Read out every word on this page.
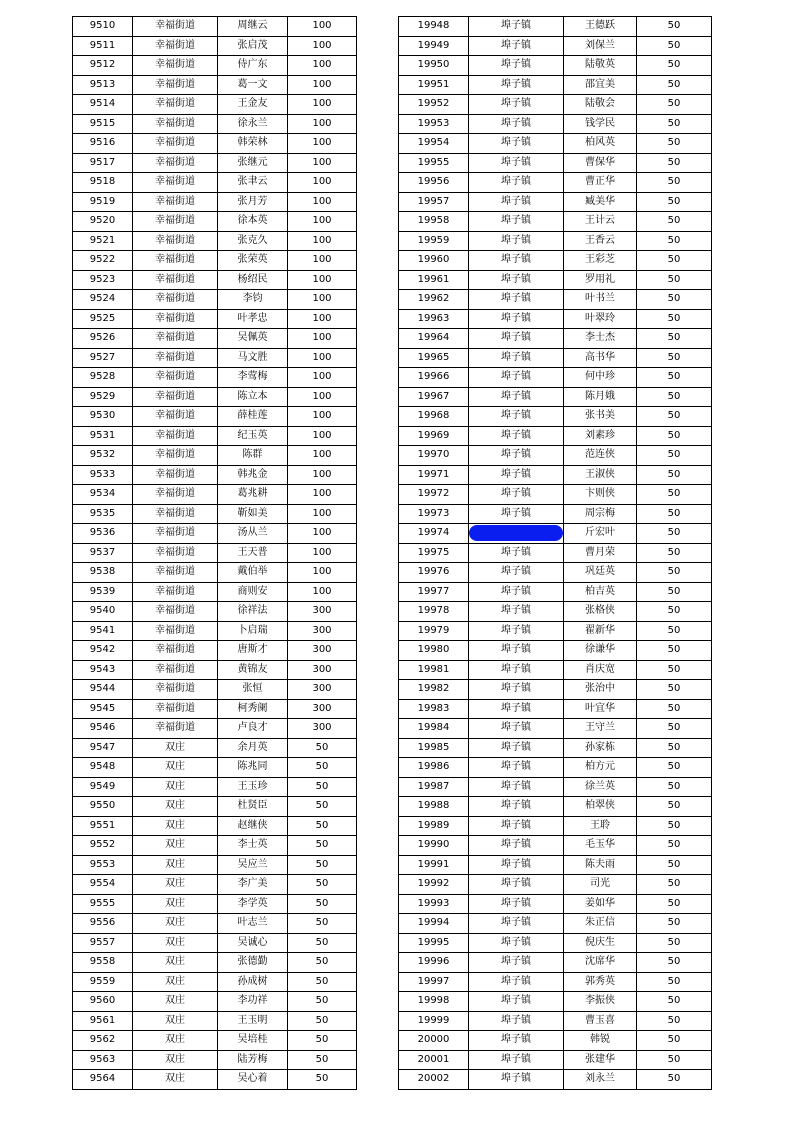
9510	幸福街道	周继云	100
9511	幸福街道	张启茂	100
9512	幸福街道	侍广东	100
9513	幸福街道	葛一文	100
9514	幸福街道	王金友	100
9515	幸福街道	徐永兰	100
9516	幸福街道	韩荣林	100
9517	幸福街道	张继元	100
9518	幸福街道	张聿云	100
9519	幸福街道	张月芳	100
9520	幸福街道	徐本英	100
9521	幸福街道	张克久	100
9522	幸福街道	张荣英	100
9523	幸福街道	杨绍民	100
9524	幸福街道	李钧	100
9525	幸福街道	叶孝忠	100
9526	幸福街道	吴佩英	100
9527	幸福街道	马文胜	100
9528	幸福街道	李莺梅	100
9529	幸福街道	陈立本	100
9530	幸福街道	薛桂莲	100
9531	幸福街道	纪玉英	100
9532	幸福街道	陈群	100
9533	幸福街道	韩兆金	100
9534	幸福街道	葛兆耕	100
9535	幸福街道	靳如美	100
9536	幸福街道	汤从兰	100
9537	幸福街道	王天普	100
9538	幸福街道	戴伯举	100
9539	幸福街道	商则安	100
9540	幸福街道	徐祥法	300
9541	幸福街道	卜启瑞	300
9542	幸福街道	唐斯才	300
9543	幸福街道	黄锦友	300
9544	幸福街道	张恒	300
9545	幸福街道	柯秀阑	300
9546	幸福街道	卢良才	300
9547	双庄	余月英	50
9548	双庄	陈兆同	50
9549	双庄	王玉珍	50
9550	双庄	杜贤臣	50
9551	双庄	赵继侠	50
9552	双庄	李士英	50
9553	双庄	吴应兰	50
9554	双庄	李广美	50
9555	双庄	李学英	50
9556	双庄	叶志兰	50
9557	双庄	吴诚心	50
9558	双庄	张德勤	50
9559	双庄	孙成树	50
9560	双庄	李功祥	50
9561	双庄	王玉明	50
9562	双庄	吴培桂	50
9563	双庄	陆芳梅	50
9564	双庄	吴心着	50
19948	埠子镇	王德跃	50
19949	埠子镇	刘保兰	50
19950	埠子镇	陆敬英	50
19951	埠子镇	邵宜美	50
19952	埠子镇	陆敬会	50
19953	埠子镇	钱学民	50
19954	埠子镇	柏风英	50
19955	埠子镇	曹保华	50
19956	埠子镇	曹正华	50
19957	埠子镇	臧美华	50
19958	埠子镇	王计云	50
19959	埠子镇	王香云	50
19960	埠子镇	王彩芝	50
19961	埠子镇	罗用礼	50
19962	埠子镇	叶书兰	50
19963	埠子镇	叶翠玲	50
19964	埠子镇	李士杰	50
19965	埠子镇	高书华	50
19966	埠子镇	何中珍	50
19967	埠子镇	陈月娥	50
19968	埠子镇	张书美	50
19969	埠子镇	刘素珍	50
19970	埠子镇	范连侠	50
19971	埠子镇	王淑侠	50
19972	埠子镇	卞则侠	50
19973	埠子镇	周宗梅	50
19974	埠子镇	斤宏叶	50
19975	埠子镇	曹月荣	50
19976	埠子镇	巩廷英	50
19977	埠子镇	柏吉英	50
19978	埠子镇	张格侠	50
19979	埠子镇	翟新华	50
19980	埠子镇	徐谦华	50
19981	埠子镇	肖庆宽	50
19982	埠子镇	张治中	50
19983	埠子镇	叶宜华	50
19984	埠子镇	王守兰	50
19985	埠子镇	孙家栋	50
19986	埠子镇	柏方元	50
19987	埠子镇	徐兰英	50
19988	埠子镇	柏翠侠	50
19989	埠子镇	王聆	50
19990	埠子镇	毛玉华	50
19991	埠子镇	陈夫雨	50
19992	埠子镇	司光	50
19993	埠子镇	姜如华	50
19994	埠子镇	朱正信	50
19995	埠子镇	倪庆生	50
19996	埠子镇	沈席华	50
19997	埠子镇	郭秀英	50
19998	埠子镇	李振侠	50
19999	埠子镇	曹玉喜	50
20000	埠子镇	韩锐	50
20001	埠子镇	张建华	50
20002	埠子镇	刘永兰	50
